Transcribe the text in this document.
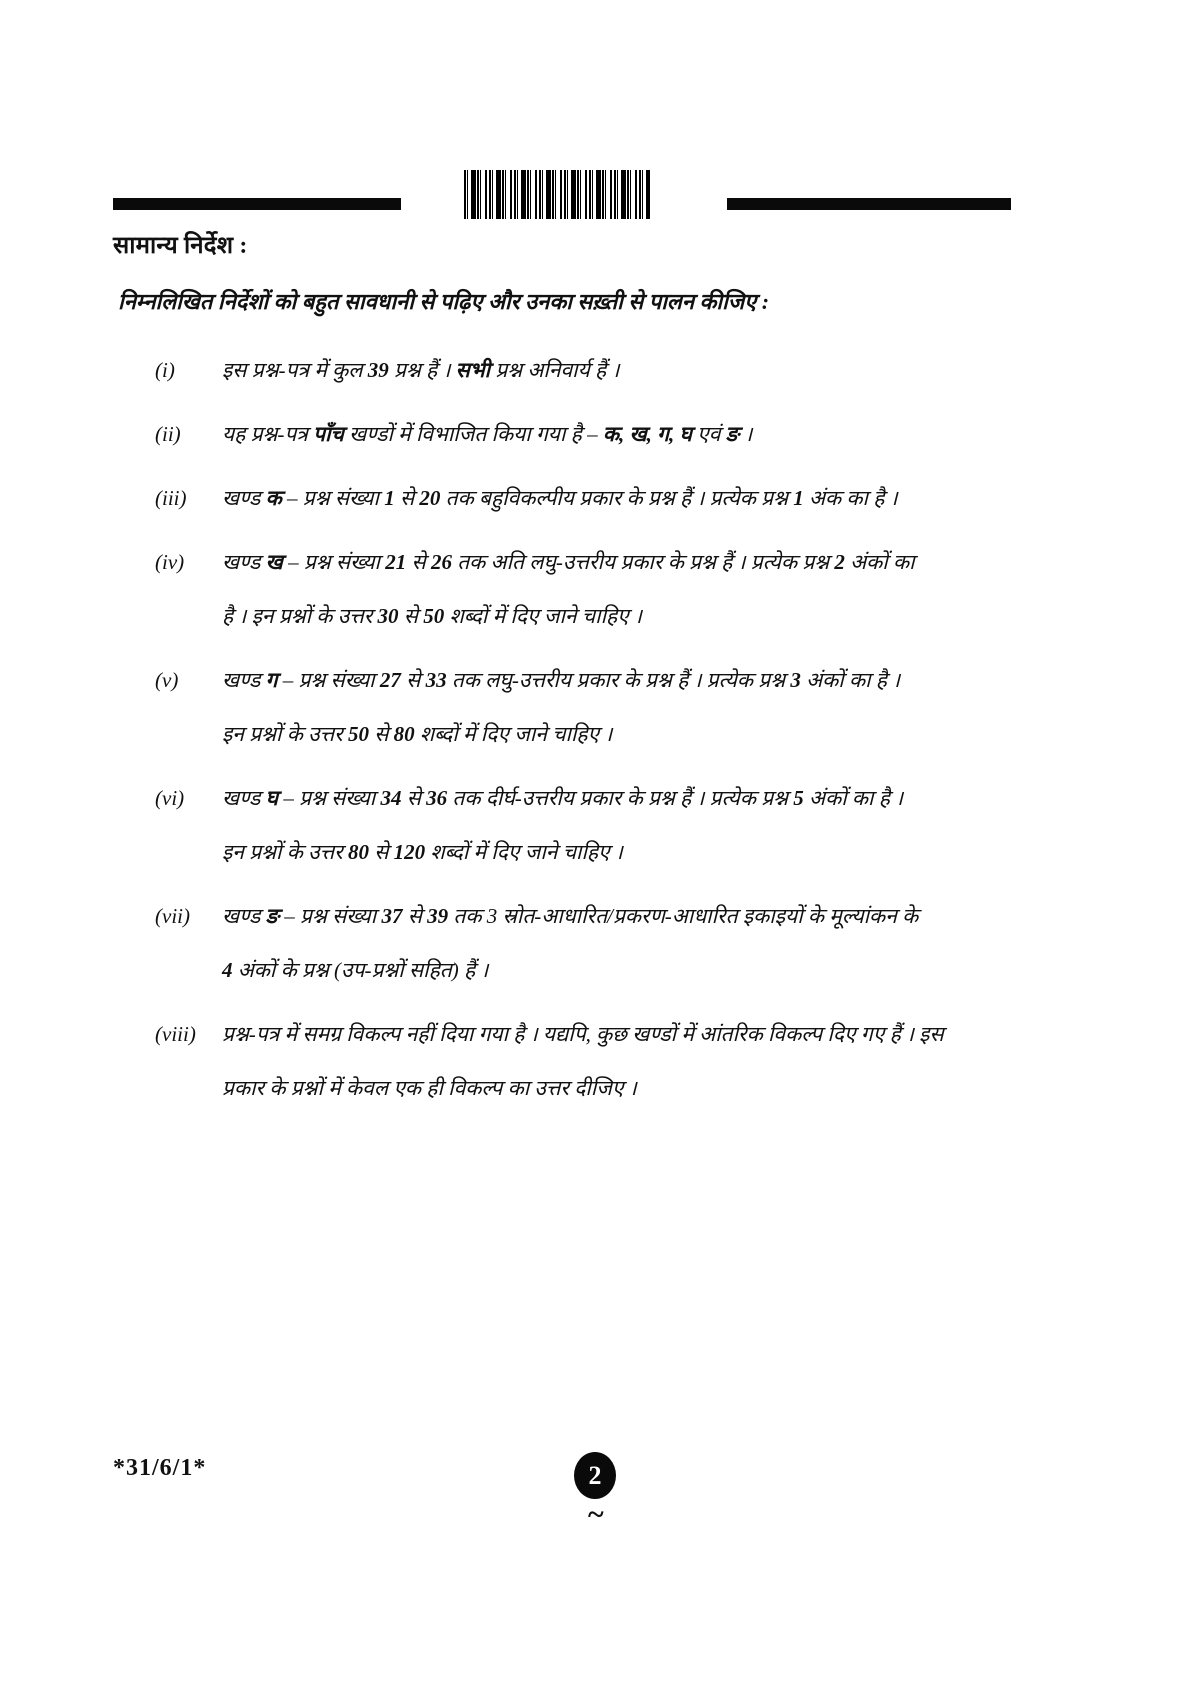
सामान्य निर्देश :
निम्नलिखित निर्देशों को बहुत सावधानी से पढ़िए और उनका सख़्ती से पालन कीजिए :
(i)	इस प्रश्न-पत्र में कुल 39 प्रश्न हैं । सभी प्रश्न अनिवार्य हैं ।
(ii)	यह प्रश्न-पत्र पाँच खण्डों में विभाजित किया गया है – क, ख, ग, घ एवं ङ ।
(iii)	खण्ड क – प्रश्न संख्या 1 से 20 तक बहुविकल्पीय प्रकार के प्रश्न हैं । प्रत्येक प्रश्न 1 अंक का है ।
(iv)	खण्ड ख – प्रश्न संख्या 21 से 26 तक अति लघु-उत्तरीय प्रकार के प्रश्न हैं । प्रत्येक प्रश्न 2 अंकों का
है । इन प्रश्नों के उत्तर 30 से 50 शब्दों में दिए जाने चाहिए ।
(v)	खण्ड ग – प्रश्न संख्या 27 से 33 तक लघु-उत्तरीय प्रकार के प्रश्न हैं । प्रत्येक प्रश्न 3 अंकों का है ।
इन प्रश्नों के उत्तर 50 से 80 शब्दों में दिए जाने चाहिए ।
(vi)	खण्ड घ – प्रश्न संख्या 34 से 36 तक दीर्घ-उत्तरीय प्रकार के प्रश्न हैं । प्रत्येक प्रश्न 5 अंकों का है ।
इन प्रश्नों के उत्तर 80 से 120 शब्दों में दिए जाने चाहिए ।
(vii)	खण्ड ङ – प्रश्न संख्या 37 से 39 तक 3 स्रोत-आधारित/प्रकरण-आधारित इकाइयों के मूल्यांकन के
4 अंकों के प्रश्न (उप-प्रश्नों सहित) हैं ।
(viii)	प्रश्न-पत्र में समग्र विकल्प नहीं दिया गया है । यद्यपि, कुछ खण्डों में आंतरिक विकल्प दिए गए हैं । इस
प्रकार के प्रश्नों में केवल एक ही विकल्प का उत्तर दीजिए ।
*31/6/1*	2
~
